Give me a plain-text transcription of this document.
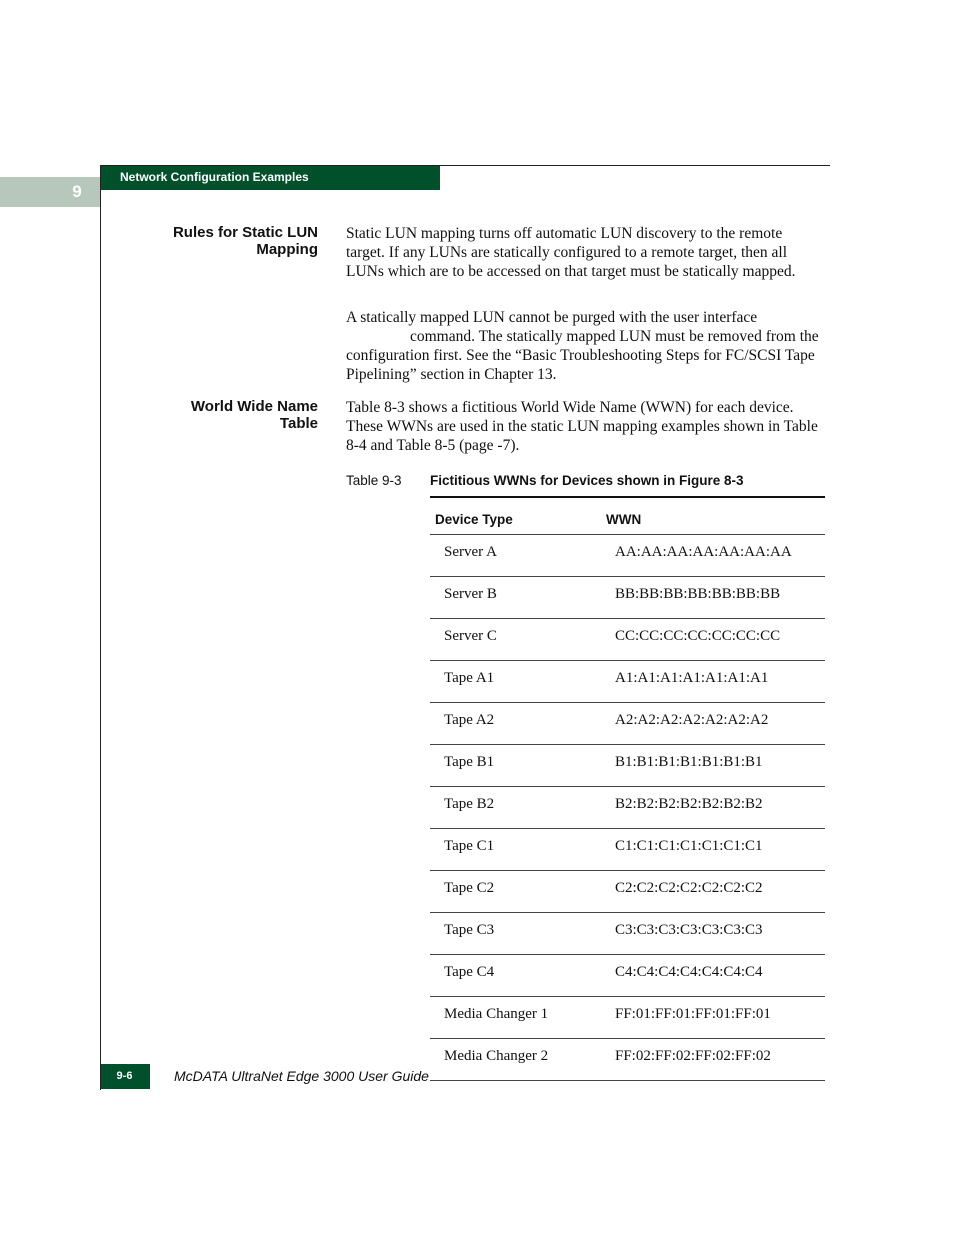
9
Network Configuration Examples
Rules for Static LUN
Mapping

Static LUN mapping turns off automatic LUN discovery to the remote target. If any LUNs are statically configured to a remote target, then all LUNs which are to be accessed on that target must be statically mapped.

A statically mapped LUN cannot be purged with the user interface command. The statically mapped LUN must be removed from the configuration first. See the “Basic Troubleshooting Steps for FC/SCSI Tape Pipelining” section in Chapter 13.

World Wide Name
Table

Table 8-3 shows a fictitious World Wide Name (WWN) for each device. These WWNs are used in the static LUN mapping examples shown in Table 8-4 and Table 8-5 (page -7).

Table 9-3 Fictitious WWNs for Devices shown in Figure 8-3
Device Type	WWN
Server A	AA:AA:AA:AA:AA:AA:AA
Server B	BB:BB:BB:BB:BB:BB:BB
Server C	CC:CC:CC:CC:CC:CC:CC
Tape A1	A1:A1:A1:A1:A1:A1:A1
Tape A2	A2:A2:A2:A2:A2:A2:A2
Tape B1	B1:B1:B1:B1:B1:B1:B1
Tape B2	B2:B2:B2:B2:B2:B2:B2
Tape C1	C1:C1:C1:C1:C1:C1:C1
Tape C2	C2:C2:C2:C2:C2:C2:C2
Tape C3	C3:C3:C3:C3:C3:C3:C3
Tape C4	C4:C4:C4:C4:C4:C4:C4
Media Changer 1	FF:01:FF:01:FF:01:FF:01
Media Changer 2	FF:02:FF:02:FF:02:FF:02
9-6	McDATA UltraNet Edge 3000 User Guide
